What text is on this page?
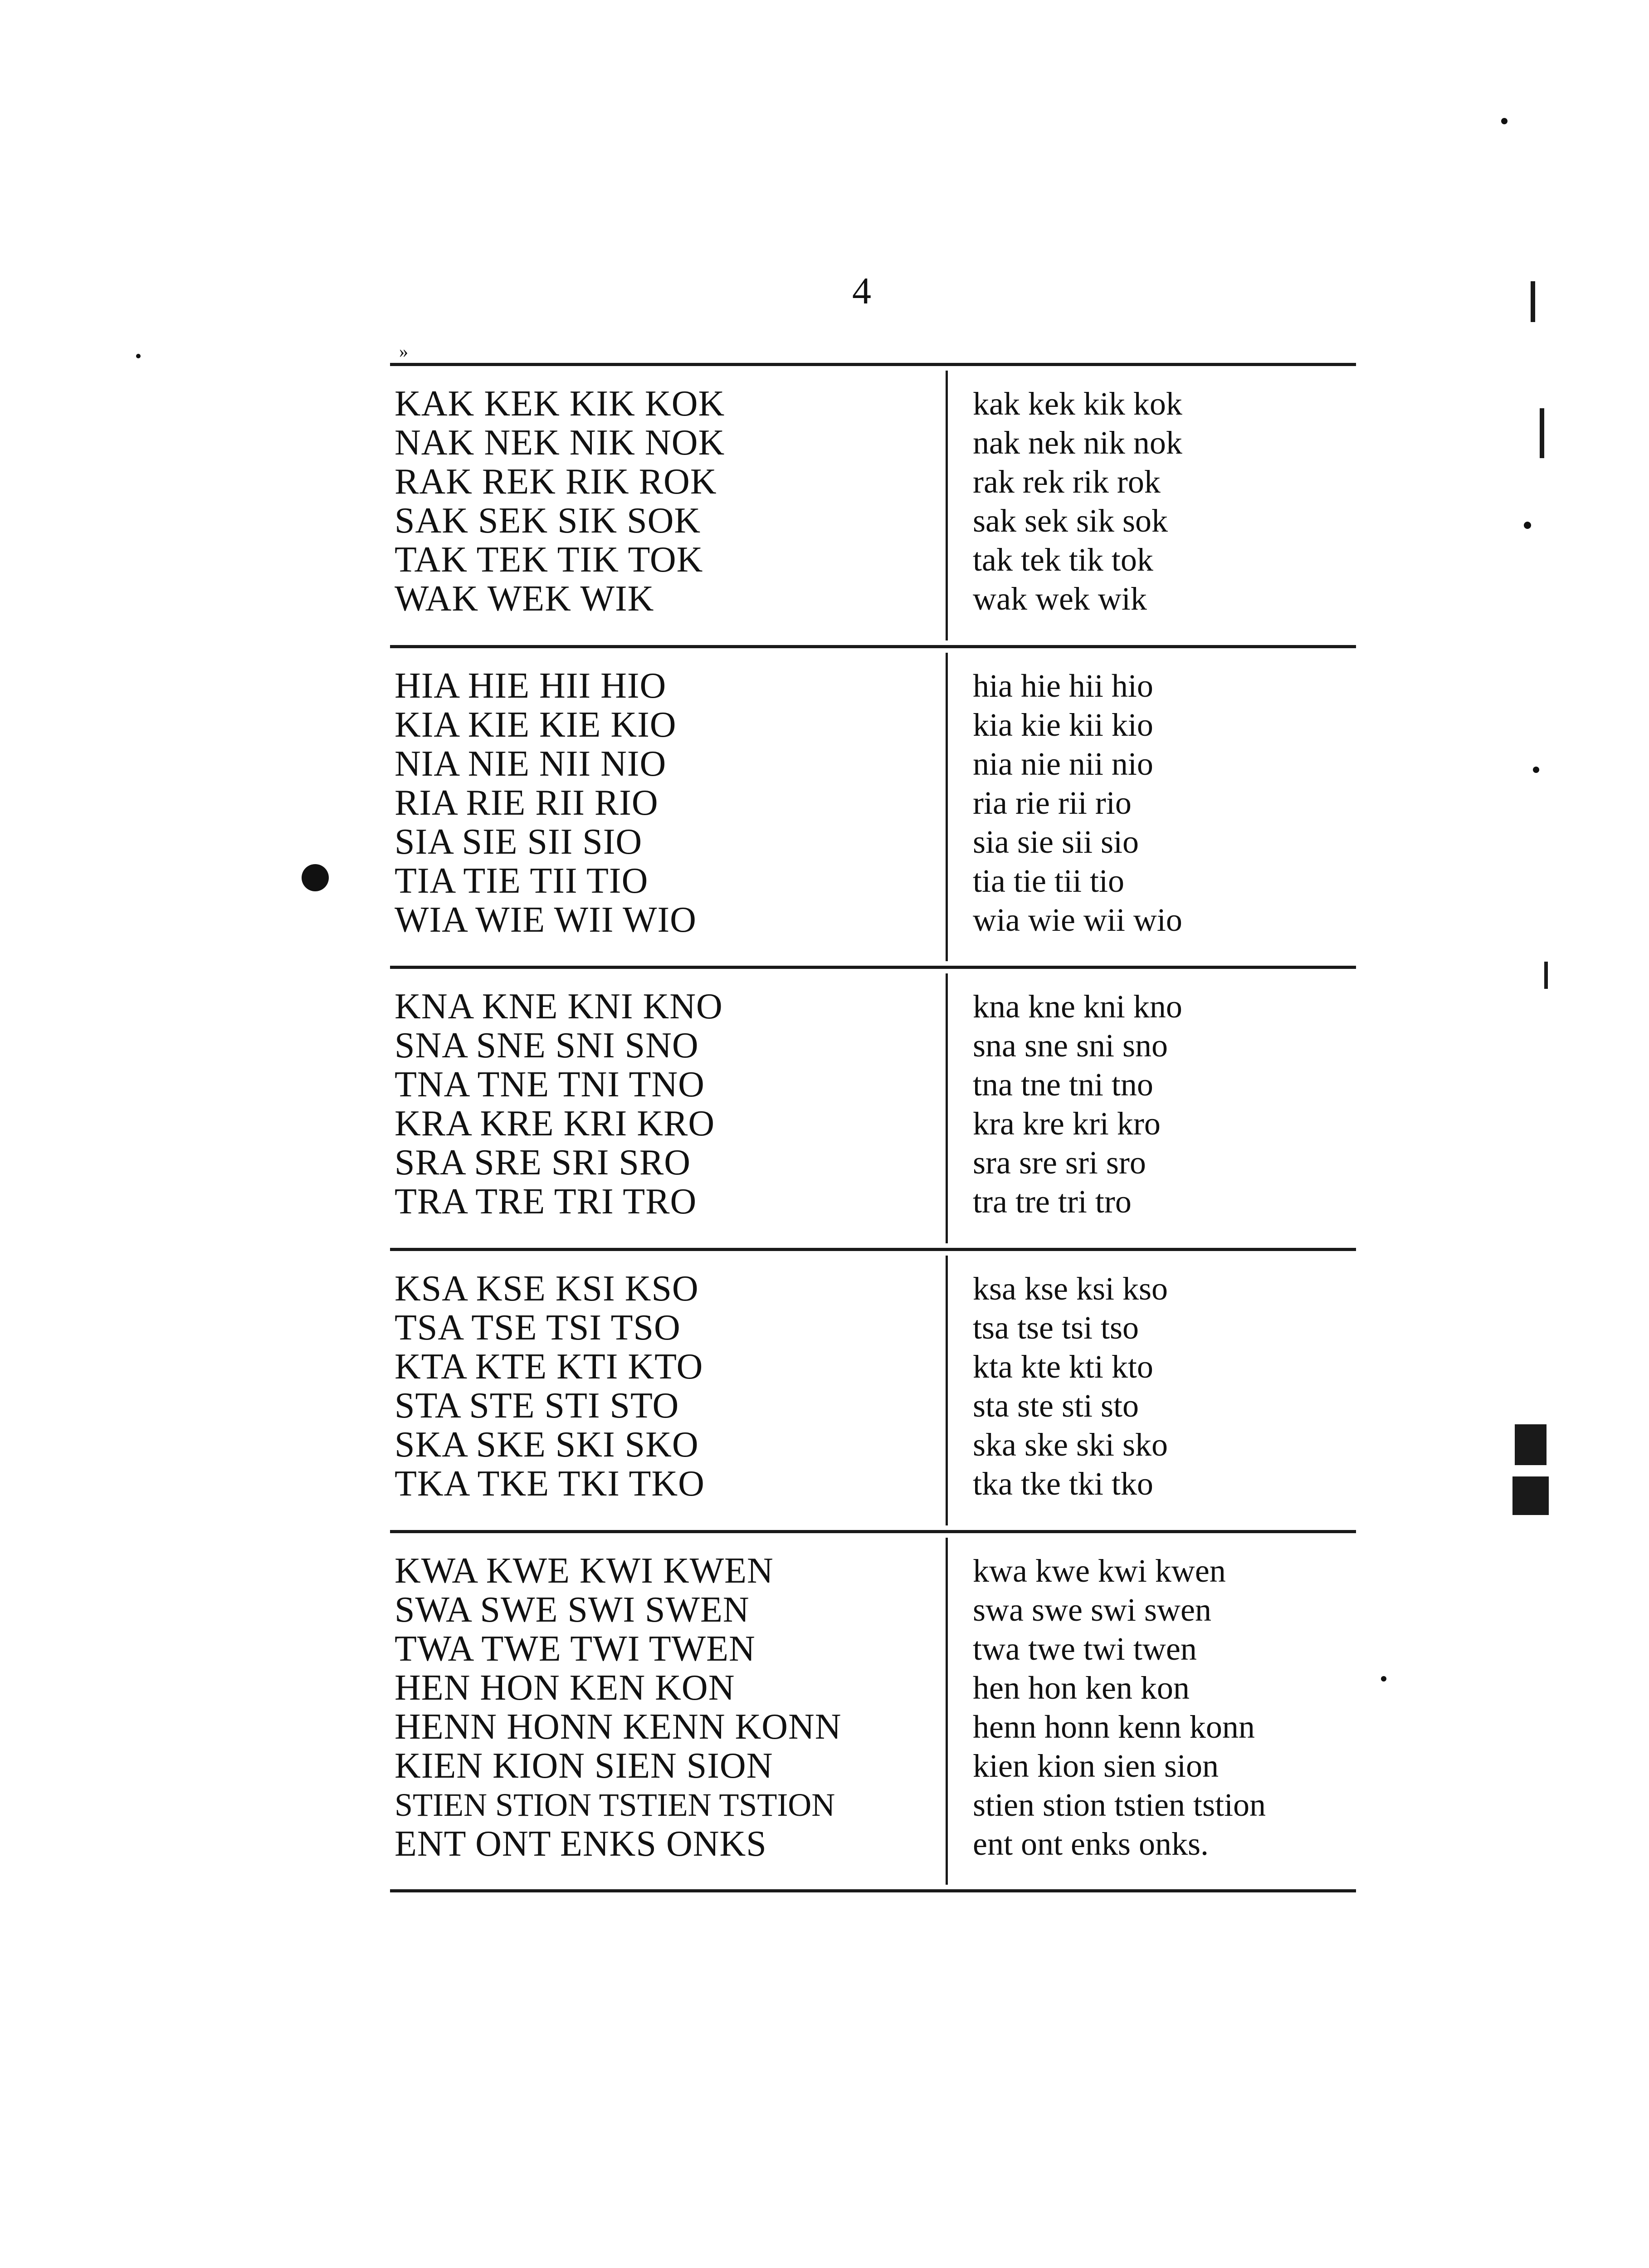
4
»
KAK KEK KIK KOK
NAK NEK NIK NOK
RAK REK RIK ROK
SAK SEK SIK SOK
TAK TEK TIK TOK
WAK WEK WIK
kak kek kik kok
nak nek nik nok
rak rek rik rok
sak sek sik sok
tak tek tik tok
wak wek wik
HIA HIE HII HIO
KIA KIE KIE KIO
NIA NIE NII NIO
RIA RIE RII RIO
SIA SIE SII SIO
TIA TIE TII TIO
WIA WIE WII WIO
hia hie hii hio
kia kie kii kio
nia nie nii nio
ria rie rii rio
sia sie sii sio
tia tie tii tio
wia wie wii wio
KNA KNE KNI KNO
SNA SNE SNI SNO
TNA TNE TNI TNO
KRA KRE KRI KRO
SRA SRE SRI SRO
TRA TRE TRI TRO
kna kne kni kno
sna sne sni sno
tna tne tni tno
kra kre kri kro
sra sre sri sro
tra tre tri tro
KSA KSE KSI KSO
TSA TSE TSI TSO
KTA KTE KTI KTO
STA STE STI STO
SKA SKE SKI SKO
TKA TKE TKI TKO
ksa kse ksi kso
tsa tse tsi tso
kta kte kti kto
sta ste sti sto
ska ske ski sko
tka tke tki tko
KWA KWE KWI KWEN
SWA SWE SWI SWEN
TWA TWE TWI TWEN
HEN HON KEN KON
HENN HONN KENN KONN
KIEN KION SIEN SION
STIEN STION TSTIEN TSTION
ENT ONT ENKS ONKS
kwa kwe kwi kwen
swa swe swi swen
twa twe twi twen
hen hon ken kon
henn honn kenn konn
kien kion sien sion
stien stion tstien tstion
ent ont enks onks.
